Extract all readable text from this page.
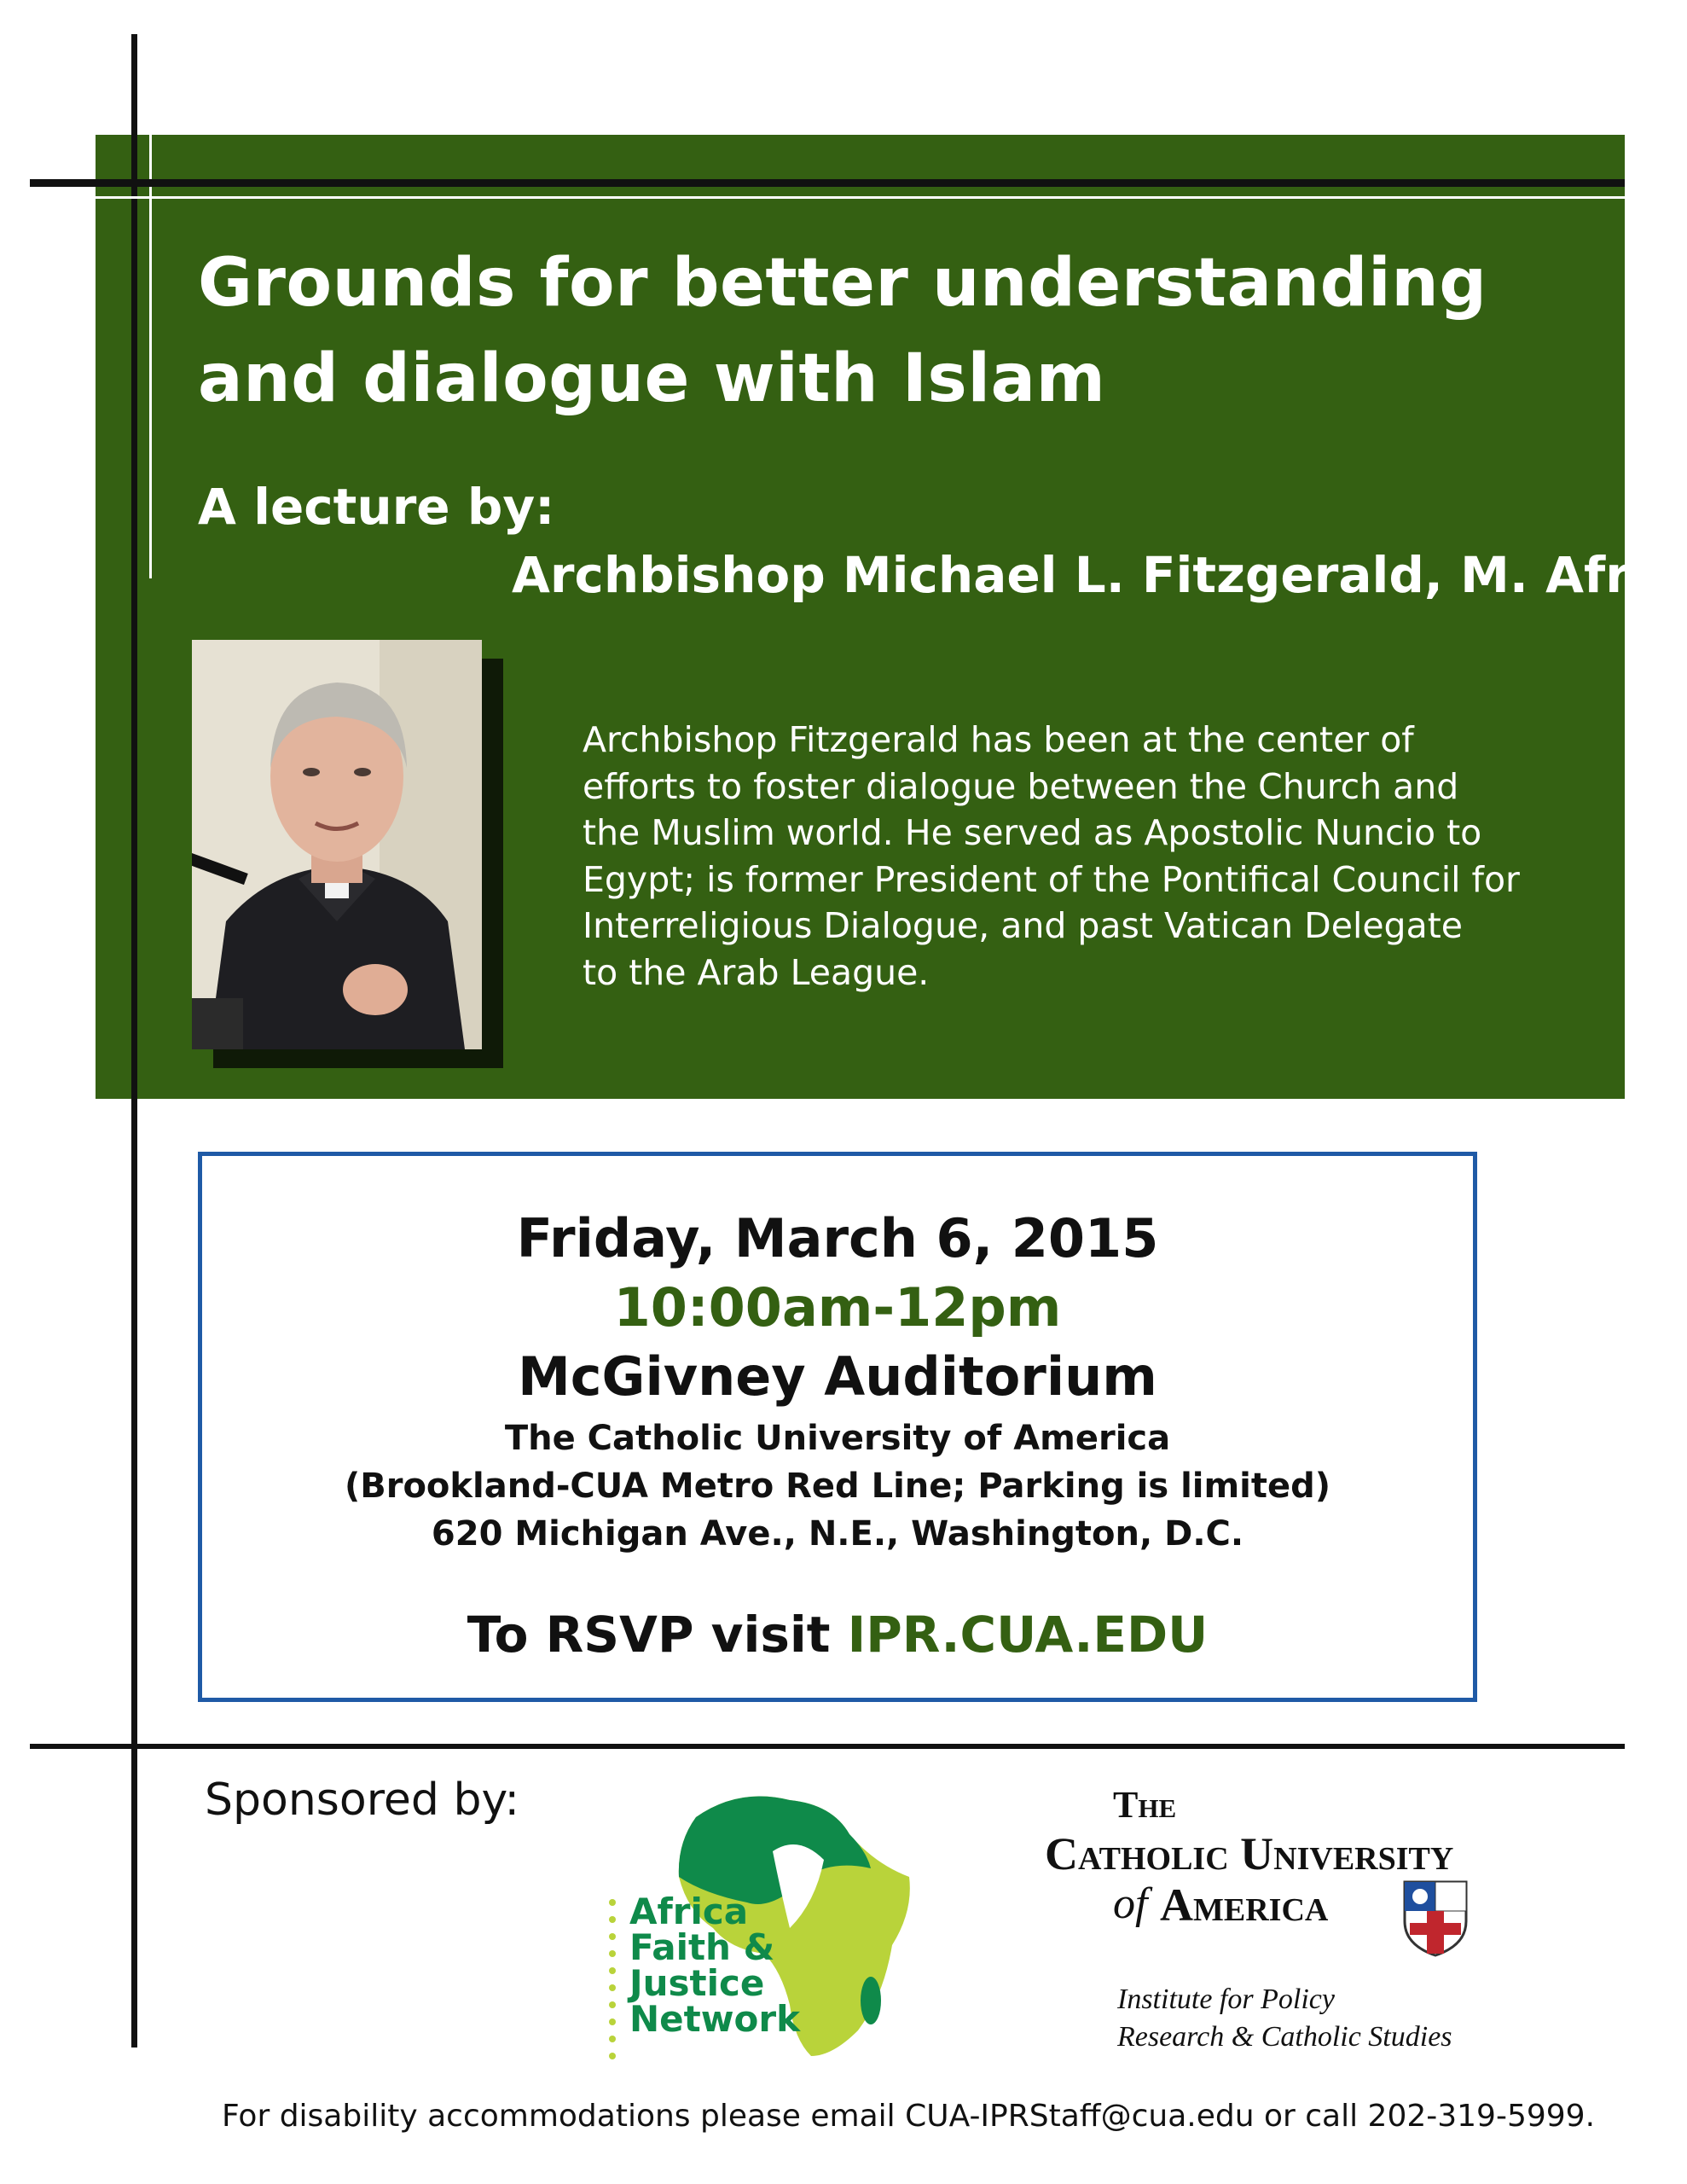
Grounds for better understanding
and dialogue with Islam
A lecture by:
Archbishop Michael L. Fitzgerald, M. Afr.
Archbishop Fitzgerald has been at the center of
efforts to foster dialogue between the Church and
the Muslim world. He served as Apostolic Nuncio to
Egypt; is former President of the Pontifical Council for
Interreligious Dialogue, and past Vatican Delegate
to the Arab League.
Friday, March 6, 2015
10:00am-12pm
McGivney Auditorium
The Catholic University of America
(Brookland-CUA Metro Red Line; Parking is limited)
620 Michigan Ave., N.E., Washington, D.C.
To RSVP visit IPR.CUA.EDU
Sponsored by:
Africa
Faith &
Justice
Network
The
Catholic University
of America
Institute for Policy
Research & Catholic Studies
For disability accommodations please email CUA-IPRStaff@cua.edu or call 202-319-5999.
